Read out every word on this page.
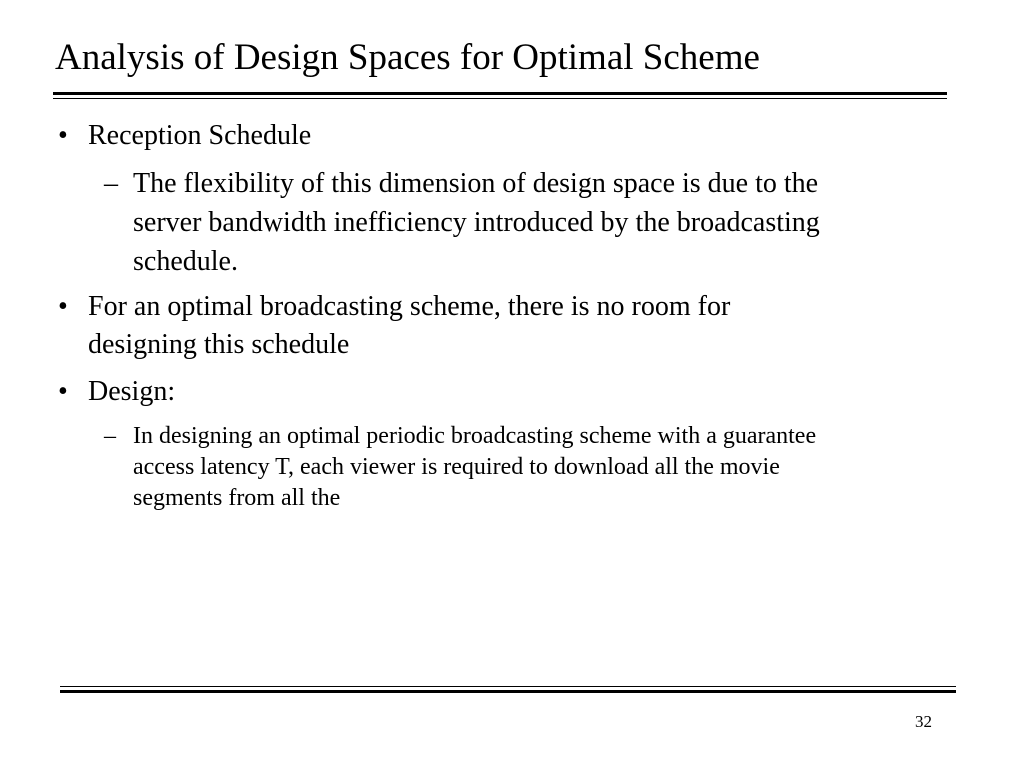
Analysis of Design Spaces for Optimal Scheme
• Reception Schedule
– The flexibility of this dimension of design space is due to the
server bandwidth inefficiency introduced by the broadcasting
schedule.
• For an optimal broadcasting scheme, there is no room for
designing this schedule
• Design:
– In designing an optimal periodic broadcasting scheme with a guarantee
access latency T, each viewer is required to download all the movie
segments from all the
32
